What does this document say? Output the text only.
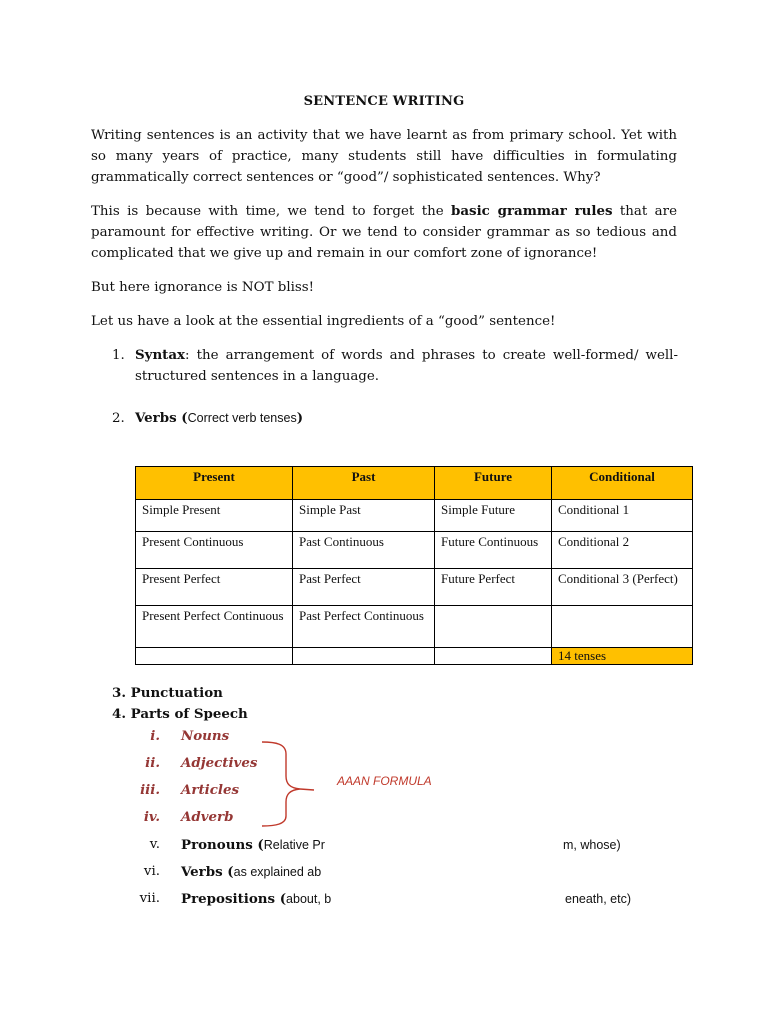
SENTENCE WRITING
Writing sentences is an activity that we have learnt as from primary school. Yet with so many years of practice, many students still have difficulties in formulating grammatically correct sentences or “good”/ sophisticated sentences. Why?
This is because with time, we tend to forget the basic grammar rules that are paramount for effective writing. Or we tend to consider grammar as so tedious and complicated that we give up and remain in our comfort zone of ignorance!
But here ignorance is NOT bliss!
Let us have a look at the essential ingredients of a “good” sentence!
1. Syntax: the arrangement of words and phrases to create well-formed/ well-structured sentences in a language.
2. Verbs (Correct verb tenses)
Present	Past	Future	Conditional
Simple Present	Simple Past	Simple Future	Conditional 1
Present Continuous	Past Continuous	Future Continuous	Conditional 2
Present Perfect	Past Perfect	Future Perfect	Conditional 3 (Perfect)
Present Perfect Continuous	Past Perfect Continuous		
			14 tenses
3. Punctuation
4. Parts of Speech
i. Nouns
ii. Adjectives
iii. Articles
iv. Adverb
AAAN FORMULA
v. Pronouns (Relative Pr
vi. Verbs (as explained ab
vii. Prepositions (about, b
m, whose)
eneath, etc)
